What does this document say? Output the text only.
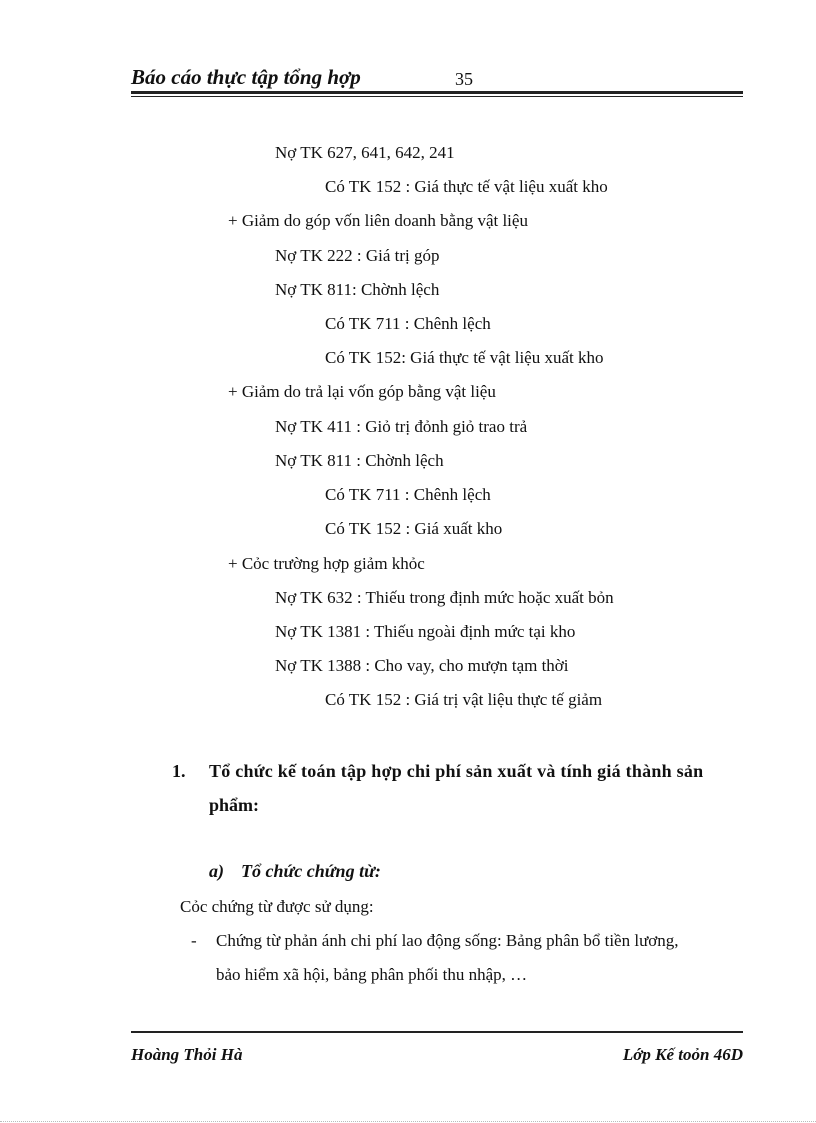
Báo cáo thực tập tổng hợp	35
Nợ TK 627, 641, 642, 241
Có TK 152 : Giá thực tế vật liệu xuất kho
+ Giảm do góp vốn liên doanh bằng vật liệu
Nợ TK 222 : Giá trị góp
Nợ TK 811: Chờnh lệch
Có TK 711 : Chênh lệch
Có TK 152: Giá thực tế vật liệu xuất kho
+ Giảm do trả lại vốn góp bằng vật liệu
Nợ TK 411 : Giỏ trị đỏnh giỏ trao trả
Nợ TK 811 : Chờnh lệch
Có TK 711 : Chênh lệch
Có TK 152 : Giá xuất kho
+ Cỏc trường hợp giảm khỏc
Nợ TK 632 : Thiếu trong định mức hoặc xuất bỏn
Nợ TK 1381 : Thiếu ngoài định mức tại kho
Nợ TK 1388 : Cho vay, cho mượn tạm thời
Có TK 152 : Giá trị vật liệu thực tế giảm
1. Tổ chức kế toán tập hợp chi phí sản xuất và tính giá thành sản
phẩm:
a) Tổ chức chứng từ:
Cỏc chứng từ được sử dụng:
- Chứng từ phản ánh chi phí lao động sống: Bảng phân bổ tiền lương,
bảo hiểm xã hội, bảng phân phối thu nhập, …
Hoàng Thỏi Hà	Lớp Kế toỏn 46D
